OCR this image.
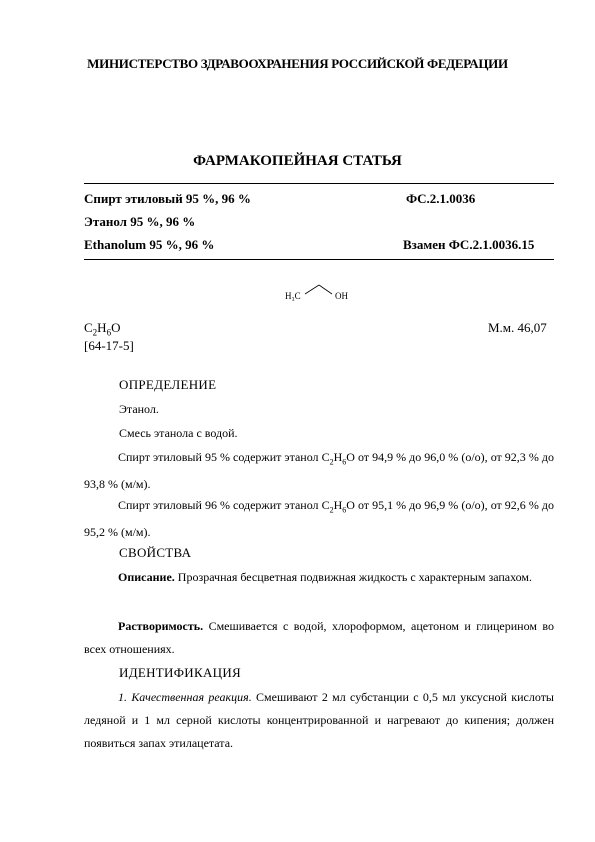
МИНИСТЕРСТВО ЗДРАВООХРАНЕНИЯ РОССИЙСКОЙ ФЕДЕРАЦИИ
ФАРМАКОПЕЙНАЯ СТАТЬЯ
Спирт этиловый 95 %, 96 %	ФС.2.1.0036
Этанол 95 %, 96 %
Ethanolum 95 %, 96 %	Взамен ФС.2.1.0036.15
H₃C	OH
$C_2H_6O$	М.м. 46,07
[64-17-5]
ОПРЕДЕЛЕНИЕ
Этанол.
Смесь этанола с водой.
Спирт этиловый 95 % содержит этанол $C_2H_6O$ от 94,9 % до 96,0 % (о/о), от 92,3 % до 93,8 % (м/м).
Спирт этиловый 96 % содержит этанол $C_2H_6O$ от 95,1 % до 96,9 % (о/о), от 92,6 % до 95,2 % (м/м).
СВОЙСТВА
Описание. Прозрачная бесцветная подвижная жидкость с характерным запахом.
Растворимость. Смешивается с водой, хлороформом, ацетоном и глицерином во всех отношениях.
ИДЕНТИФИКАЦИЯ
1. Качественная реакция. Смешивают 2 мл субстанции с 0,5 мл уксусной кислоты ледяной и 1 мл серной кислоты концентрированной и нагревают до кипения; должен появиться запах этилацетата.
